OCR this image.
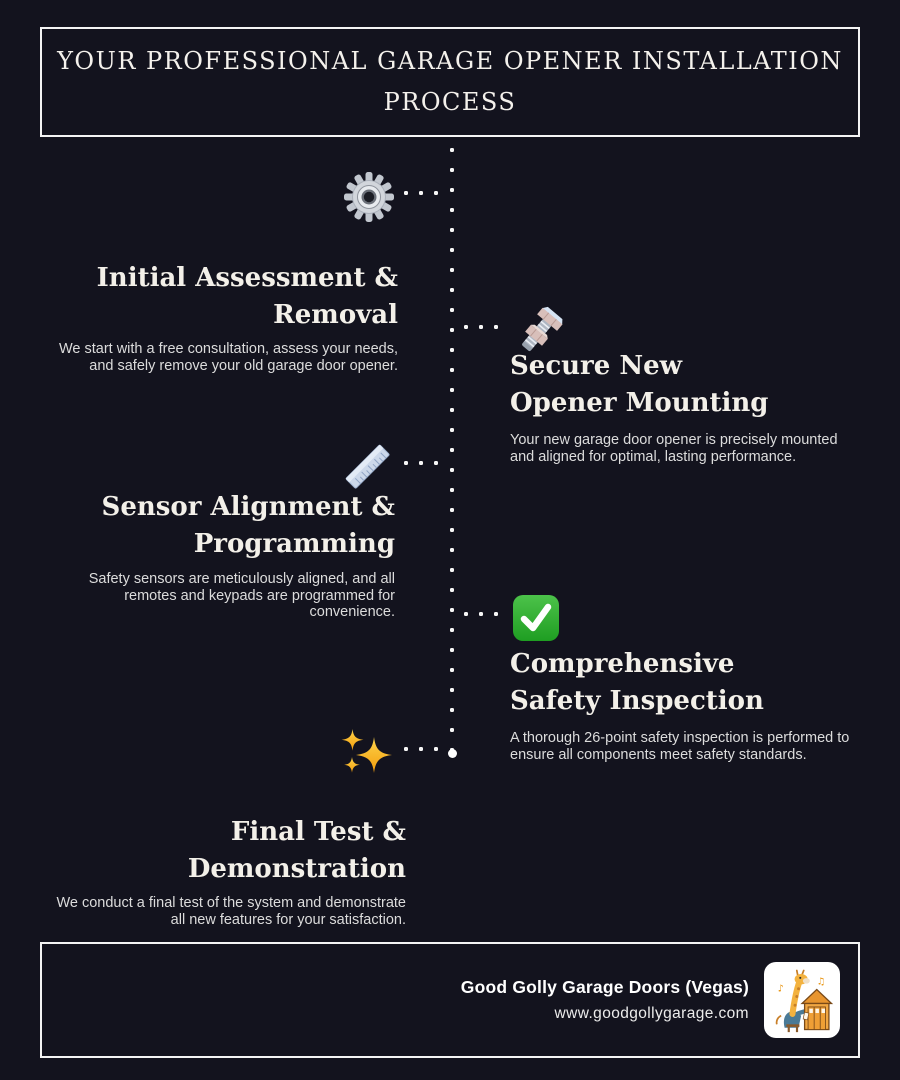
YOUR PROFESSIONAL GARAGE OPENER INSTALLATION
PROCESS
Initial Assessment & Removal

We start with a free consultation, assess your needs, and safely remove your old garage door opener.	Secure New Opener Mounting

Your new garage door opener is precisely mounted and aligned for optimal, lasting performance.

Sensor Alignment & Programming

Safety sensors are meticulously aligned, and all remotes and keypads are programmed for convenience.

Comprehensive Safety Inspection

A thorough 26-point safety inspection is performed to ensure all components meet safety standards.

Final Test & Demonstration

We conduct a final test of the system and demonstrate all new features for your satisfaction.

Good Golly Garage Doors (Vegas)
www.goodgollygarage.com
♪
♫
